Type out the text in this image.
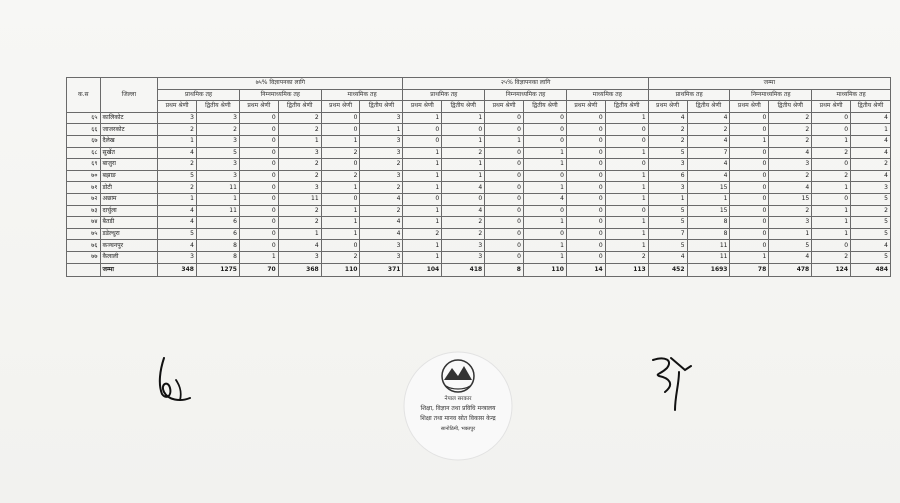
क.स	जिल्ला	७५% विज्ञापनका लागि						२५% विज्ञापनका लागि						जम्मा					
		प्राथमिक तह		निम्नमाध्यमिक तह		माध्यमिक तह		प्राथमिक तह		निम्नमाध्यमिक तह		माध्यमिक तह		प्राथमिक तह		निम्नमाध्यमिक तह		माध्यमिक तह	
		प्रथम श्रेणी	द्वितीय श्रेणी	प्रथम श्रेणी	द्वितीय श्रेणी	प्रथम श्रेणी	द्वितीय श्रेणी	प्रथम श्रेणी	द्वितीय श्रेणी	प्रथम श्रेणी	द्वितीय श्रेणी	प्रथम श्रेणी	द्वितीय श्रेणी	प्रथम श्रेणी	द्वितीय श्रेणी	प्रथम श्रेणी	द्वितीय श्रेणी	प्रथम श्रेणी	द्वितीय श्रेणी
६५	कालिकोट	3	3	0	2	0	3	1	1	0	0	0	1	4	4	0	2	0	4
६६	जाजरकोट	2	2	0	2	0	1	0	0	0	0	0	0	2	2	0	2	0	1
६७	दैलेख	1	3	0	1	1	3	0	1	1	0	0	0	2	4	1	2	1	4
६८	सुर्खेत	4	5	0	3	2	3	1	2	0	1	0	1	5	7	0	4	2	4
६९	बाजुरा	2	3	0	2	0	2	1	1	0	1	0	0	3	4	0	3	0	2
७०	बझाङ	5	3	0	2	2	3	1	1	0	0	0	1	6	4	0	2	2	4
७१	डोटी	2	11	0	3	1	2	1	4	0	1	0	1	3	15	0	4	1	3
७२	अछाम	1	1	0	11	0	4	0	0	0	4	0	1	1	1	0	15	0	5
७३	दार्चुला	4	11	0	2	1	2	1	4	0	0	0	0	5	15	0	2	1	2
७४	बैतडी	4	6	0	2	1	4	1	2	0	1	0	1	5	8	0	3	1	5
७५	डडेल्धुरा	5	6	0	1	1	4	2	2	0	0	0	1	7	8	0	1	1	5
७६	कञ्चनपुर	4	8	0	4	0	3	1	3	0	1	0	1	5	11	0	5	0	4
७७	कैलाली	3	8	1	3	2	3	1	3	0	1	0	2	4	11	1	4	2	5
	जम्मा	348	1275	70	368	110	371	104	418	8	110	14	113	452	1693	78	478	124	484
नेपाल सरकार
शिक्षा, विज्ञान तथा प्रविधि मन्त्रालय
शिक्षा तथा मानव स्रोत विकास केन्द्र
सानोठिमी, भक्तपुर
